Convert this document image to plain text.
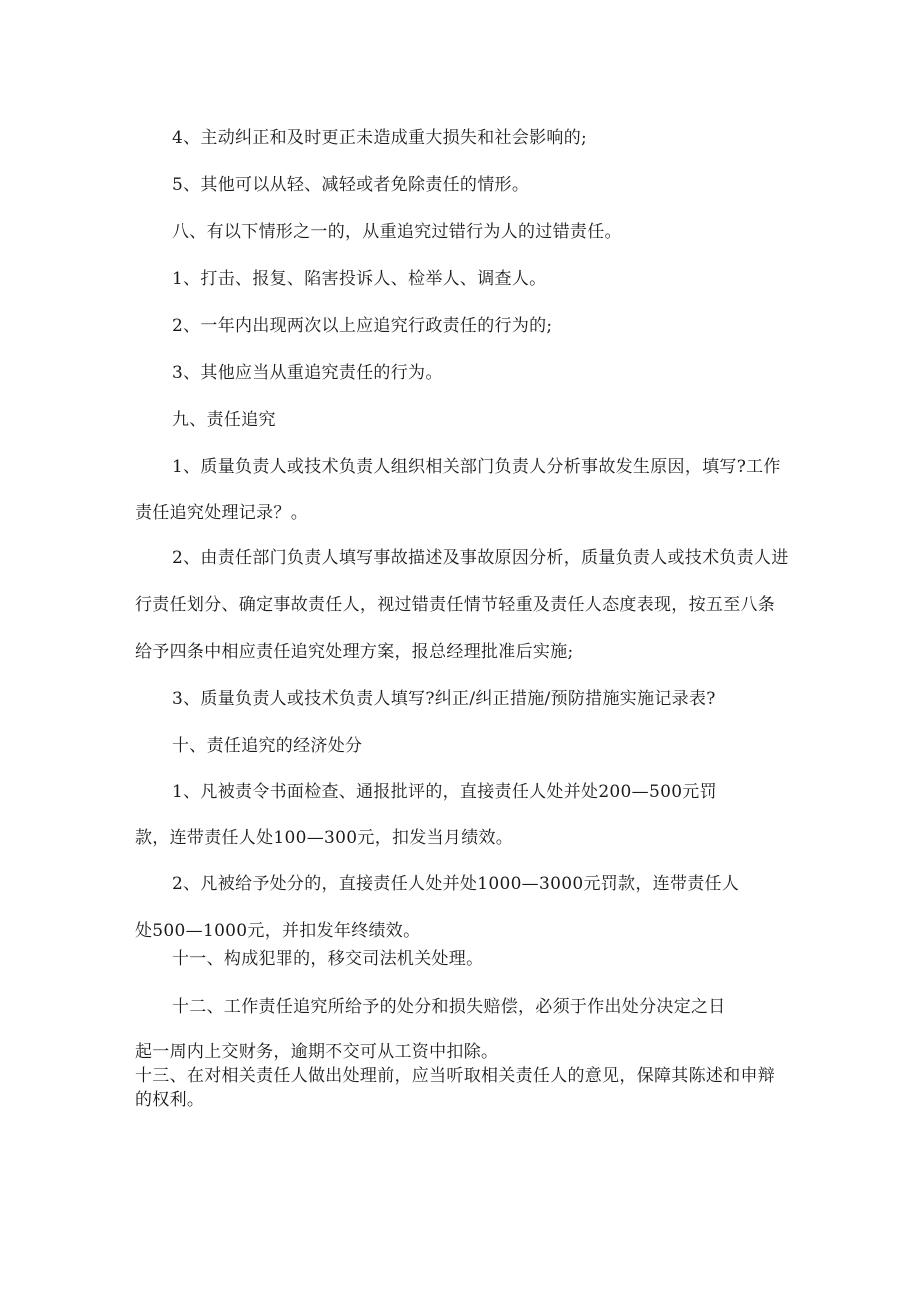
4、主动纠正和及时更正未造成重大损失和社会影响的;

5、其他可以从轻、减轻或者免除责任的情形。

八、有以下情形之一的，从重追究过错行为人的过错责任。

1、打击、报复、陷害投诉人、检举人、调查人。

2、一年内出现两次以上应追究行政责任的行为的;

3、其他应当从重追究责任的行为。

九、责任追究

1、质量负责人或技术负责人组织相关部门负责人分析事故发生原因，填写?工作

责任追究处理记录？。

2、由责任部门负责人填写事故描述及事故原因分析，质量负责人或技术负责人进

行责任划分、确定事故责任人，视过错责任情节轻重及责任人态度表现，按五至八条

给予四条中相应责任追究处理方案，报总经理批准后实施;

3、质量负责人或技术负责人填写?纠正/纠正措施/预防措施实施记录表?

十、责任追究的经济处分

1、凡被责令书面检查、通报批评的，直接责任人处并处200—500元罚

款，连带责任人处100—300元，扣发当月绩效。

2、凡被给予处分的，直接责任人处并处1000—3000元罚款，连带责任人

处500—1000元，并扣发年终绩效。

十一、构成犯罪的，移交司法机关处理。

十二、工作责任追究所给予的处分和损失赔偿，必须于作出处分决定之日

起一周内上交财务，逾期不交可从工资中扣除。

十三、在对相关责任人做出处理前，应当听取相关责任人的意见，保障其陈述和申辩

的权利。
